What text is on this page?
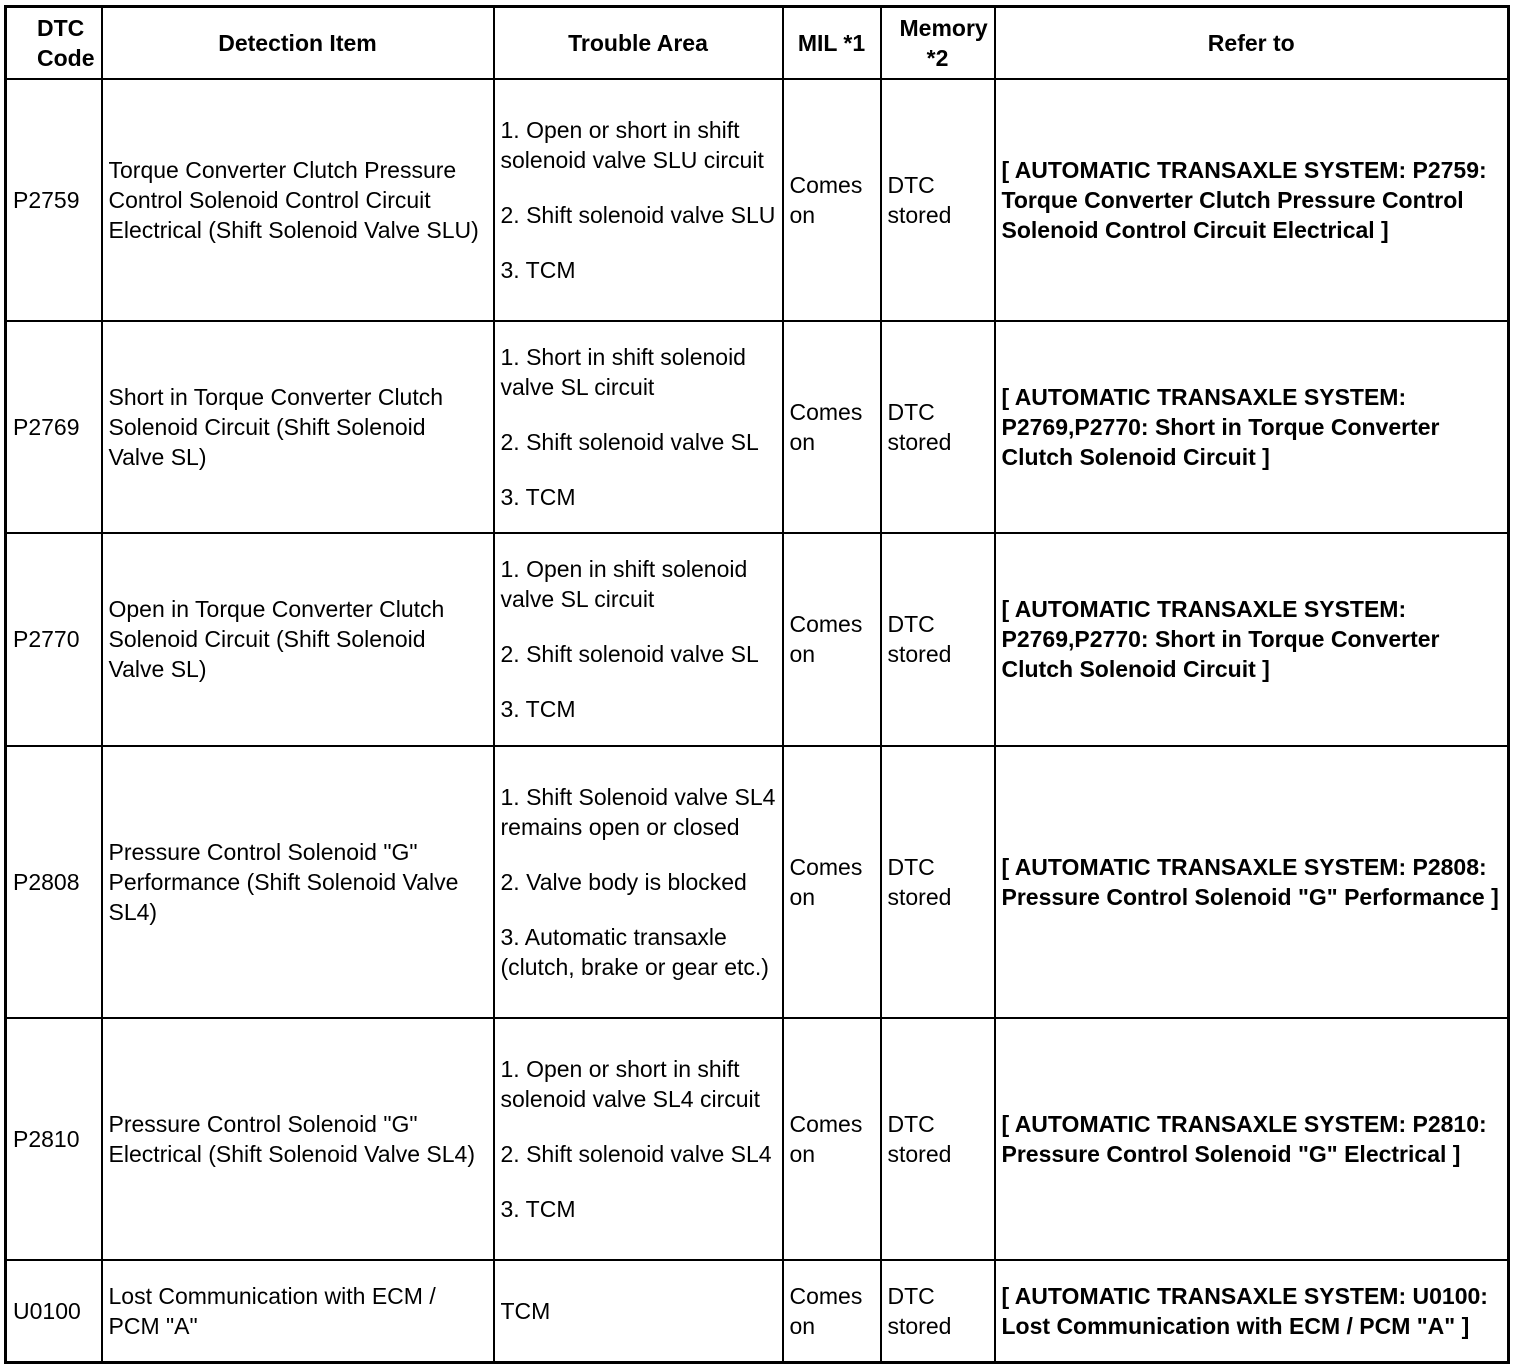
DTC Code	Detection Item	Trouble Area	MIL *1	Memory *2	Refer to
P2759	Torque Converter Clutch Pressure Control Solenoid Control Circuit Electrical (Shift Solenoid Valve SLU)	1. Open or short in shift solenoid valve SLU circuit
2. Shift solenoid valve SLU
3. TCM	Comes on	DTC stored	[ AUTOMATIC TRANSAXLE SYSTEM: P2759: Torque Converter Clutch Pressure Control Solenoid Control Circuit Electrical ]
P2769	Short in Torque Converter Clutch Solenoid Circuit (Shift Solenoid Valve SL)	1. Short in shift solenoid valve SL circuit
2. Shift solenoid valve SL
3. TCM	Comes on	DTC stored	[ AUTOMATIC TRANSAXLE SYSTEM: P2769,P2770: Short in Torque Converter Clutch Solenoid Circuit ]
P2770	Open in Torque Converter Clutch Solenoid Circuit (Shift Solenoid Valve SL)	1. Open in shift solenoid valve SL circuit
2. Shift solenoid valve SL
3. TCM	Comes on	DTC stored	[ AUTOMATIC TRANSAXLE SYSTEM: P2769,P2770: Short in Torque Converter Clutch Solenoid Circuit ]
P2808	Pressure Control Solenoid "G" Performance (Shift Solenoid Valve SL4)	1. Shift Solenoid valve SL4 remains open or closed
2. Valve body is blocked
3. Automatic transaxle (clutch, brake or gear etc.)	Comes on	DTC stored	[ AUTOMATIC TRANSAXLE SYSTEM: P2808: Pressure Control Solenoid "G" Performance ]
P2810	Pressure Control Solenoid "G" Electrical (Shift Solenoid Valve SL4)	1. Open or short in shift solenoid valve SL4 circuit
2. Shift solenoid valve SL4
3. TCM	Comes on	DTC stored	[ AUTOMATIC TRANSAXLE SYSTEM: P2810: Pressure Control Solenoid "G" Electrical ]
U0100	Lost Communication with ECM / PCM "A"	TCM	Comes on	DTC stored	[ AUTOMATIC TRANSAXLE SYSTEM: U0100: Lost Communication with ECM / PCM "A" ]
